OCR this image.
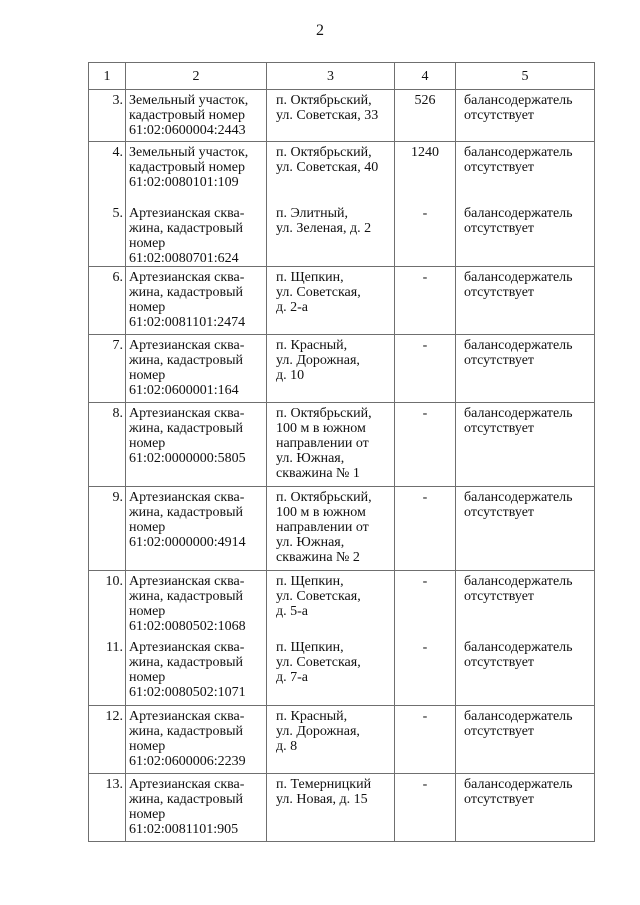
2
1	2	3	4	5
3.	Земельный участок,
кадастровый номер
61:02:0600004:2443	п. Октябрьский,
ул. Советская, 33	526	балансодержатель
отсутствует

4.	Земельный участок,
кадастровый номер
61:02:0080101:109	п. Октябрьский,
ул. Советская, 40	1240	балансодержатель
отсутствует

5.	Артезианская сква-
жина, кадастровый
номер
61:02:0080701:624	п. Элитный,
ул. Зеленая, д. 2	-	балансодержатель
отсутствует

6.	Артезианская сква-
жина, кадастровый
номер
61:02:0081101:2474	п. Щепкин,
ул. Советская,
д. 2-а	-	балансодержатель
отсутствует

7.	Артезианская сква-
жина, кадастровый
номер
61:02:0600001:164	п. Красный,
ул. Дорожная,
д. 10	-	балансодержатель
отсутствует

8.	Артезианская сква-
жина, кадастровый
номер
61:02:0000000:5805	п. Октябрьский,
100 м в южном
направлении от
ул. Южная,
скважина № 1	-	балансодержатель
отсутствует

9.	Артезианская сква-
жина, кадастровый
номер
61:02:0000000:4914	п. Октябрьский,
100 м в южном
направлении от
ул. Южная,
скважина № 2	-	балансодержатель
отсутствует

10.	Артезианская сква-
жина, кадастровый
номер
61:02:0080502:1068	п. Щепкин,
ул. Советская,
д. 5-а	-	балансодержатель
отсутствует

11.	Артезианская сква-
жина, кадастровый
номер
61:02:0080502:1071	п. Щепкин,
ул. Советская,
д. 7-а	-	балансодержатель
отсутствует

12.	Артезианская сква-
жина, кадастровый
номер
61:02:0600006:2239	п. Красный,
ул. Дорожная,
д. 8	-	балансодержатель
отсутствует

13.	Артезианская сква-
жина, кадастровый
номер
61:02:0081101:905	п. Темерницкий
ул. Новая, д. 15	-	балансодержатель
отсутствует
